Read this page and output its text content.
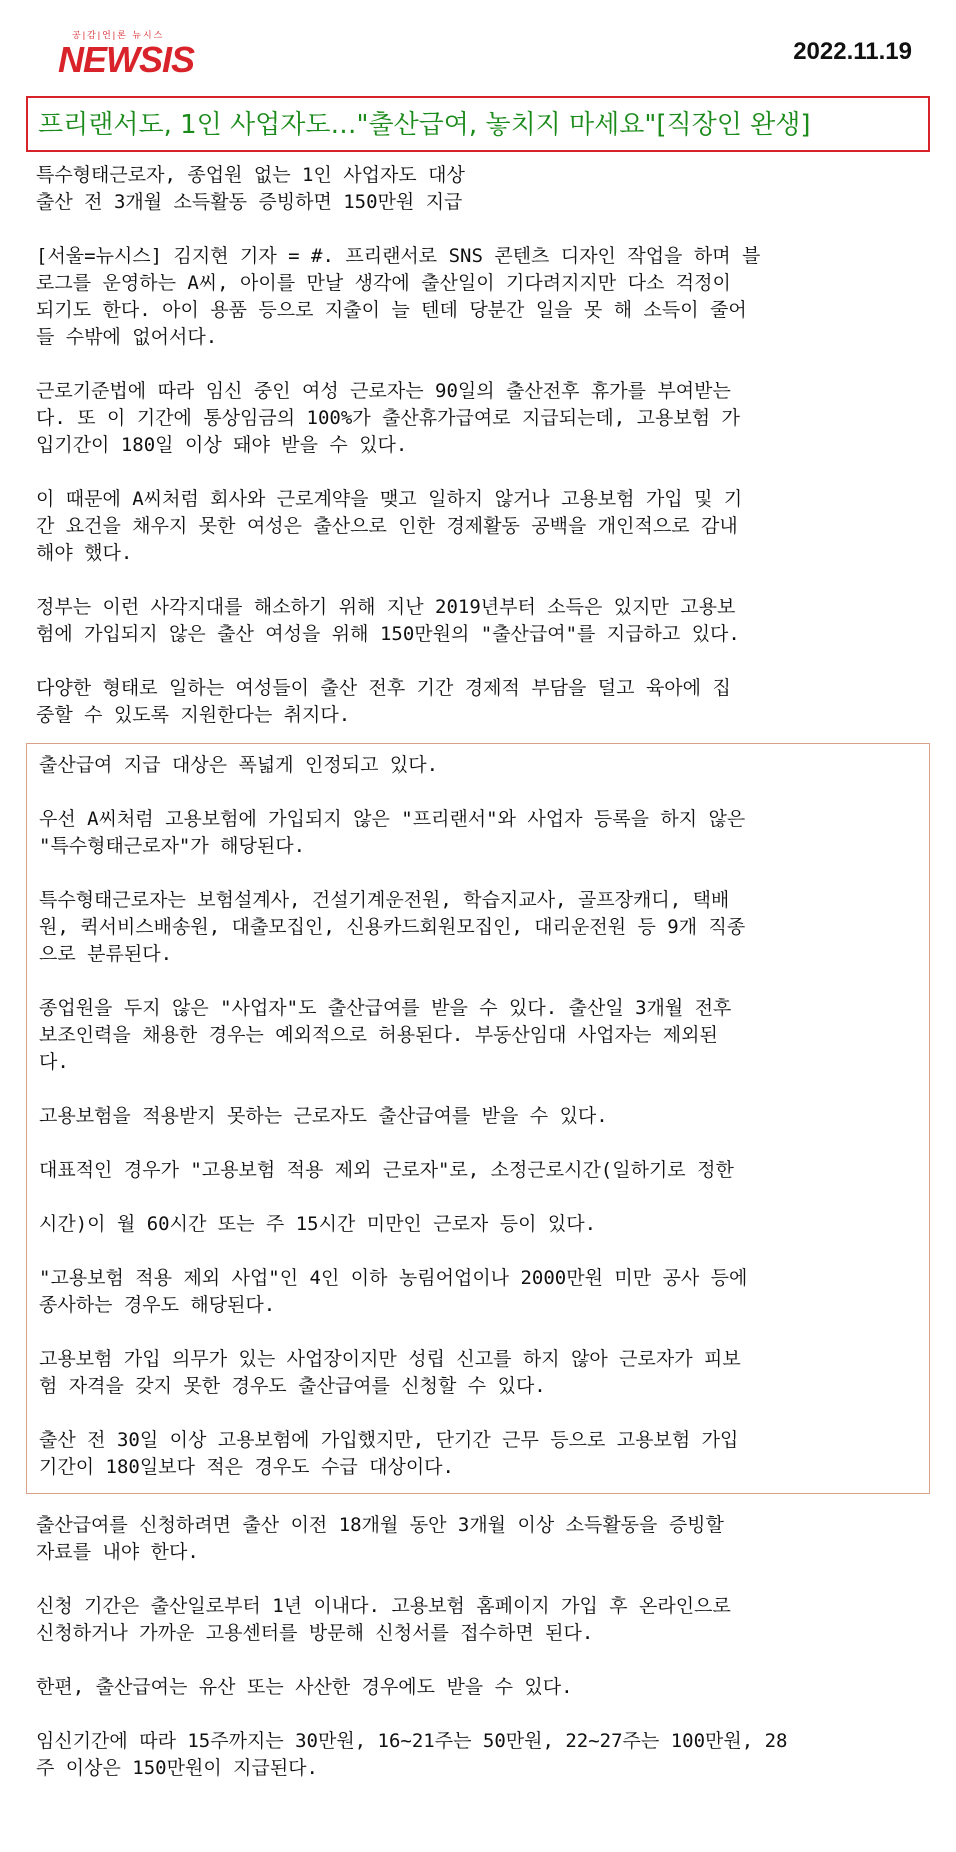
공|감|언|론 뉴시스
NEWSIS	2022.11.19

프리랜서도, 1인 사업자도…"출산급여, 놓치지 마세요"[직장인 완생]

특수형태근로자, 종업원 없는 1인 사업자도 대상

출산 전 3개월 소득활동 증빙하면 150만원 지급

[서울=뉴시스] 김지현 기자 = #. 프리랜서로 SNS 콘텐츠 디자인 작업을 하며 블
로그를 운영하는 A씨, 아이를 만날 생각에 출산일이 기다려지지만 다소 걱정이
되기도 한다. 아이 용품 등으로 지출이 늘 텐데 당분간 일을 못 해 소득이 줄어
들 수밖에 없어서다.

근로기준법에 따라 임신 중인 여성 근로자는 90일의 출산전후 휴가를 부여받는
다. 또 이 기간에 통상임금의 100%가 출산휴가급여로 지급되는데, 고용보험 가
입기간이 180일 이상 돼야 받을 수 있다.

이 때문에 A씨처럼 회사와 근로계약을 맺고 일하지 않거나 고용보험 가입 및 기
간 요건을 채우지 못한 여성은 출산으로 인한 경제활동 공백을 개인적으로 감내
해야 했다.

정부는 이런 사각지대를 해소하기 위해 지난 2019년부터 소득은 있지만 고용보
험에 가입되지 않은 출산 여성을 위해 150만원의 "출산급여"를 지급하고 있다.

다양한 형태로 일하는 여성들이 출산 전후 기간 경제적 부담을 덜고 육아에 집
중할 수 있도록 지원한다는 취지다.

출산급여 지급 대상은 폭넓게 인정되고 있다.

우선 A씨처럼 고용보험에 가입되지 않은 "프리랜서"와 사업자 등록을 하지 않은
"특수형태근로자"가 해당된다.

특수형태근로자는 보험설계사, 건설기계운전원, 학습지교사, 골프장캐디, 택배
원, 퀵서비스배송원, 대출모집인, 신용카드회원모집인, 대리운전원 등 9개 직종
으로 분류된다.

종업원을 두지 않은 "사업자"도 출산급여를 받을 수 있다. 출산일 3개월 전후
보조인력을 채용한 경우는 예외적으로 허용된다. 부동산임대 사업자는 제외된
다.

고용보험을 적용받지 못하는 근로자도 출산급여를 받을 수 있다.

대표적인 경우가 "고용보험 적용 제외 근로자"로, 소정근로시간(일하기로 정한

시간)이 월 60시간 또는 주 15시간 미만인 근로자 등이 있다.

"고용보험 적용 제외 사업"인 4인 이하 농림어업이나 2000만원 미만 공사 등에
종사하는 경우도 해당된다.

고용보험 가입 의무가 있는 사업장이지만 성립 신고를 하지 않아 근로자가 피보
험 자격을 갖지 못한 경우도 출산급여를 신청할 수 있다.

출산 전 30일 이상 고용보험에 가입했지만, 단기간 근무 등으로 고용보험 가입
기간이 180일보다 적은 경우도 수급 대상이다.

출산급여를 신청하려면 출산 이전 18개월 동안 3개월 이상 소득활동을 증빙할
자료를 내야 한다.

신청 기간은 출산일로부터 1년 이내다. 고용보험 홈페이지 가입 후 온라인으로
신청하거나 가까운 고용센터를 방문해 신청서를 접수하면 된다.

한편, 출산급여는 유산 또는 사산한 경우에도 받을 수 있다.

임신기간에 따라 15주까지는 30만원, 16~21주는 50만원, 22~27주는 100만원, 28
주 이상은 150만원이 지급된다.
